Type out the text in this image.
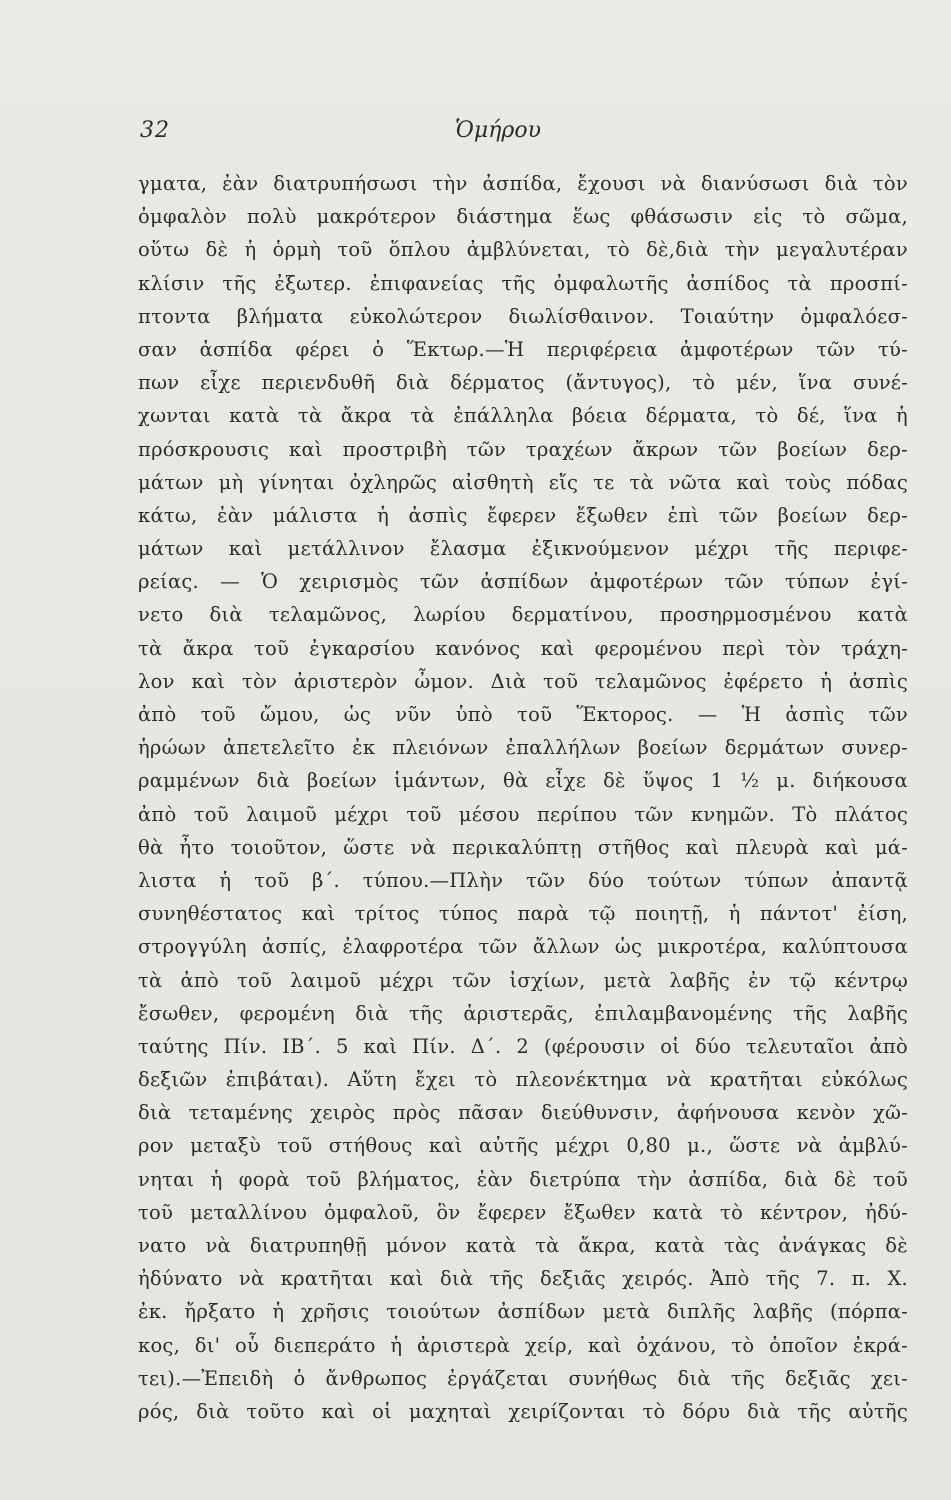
32	Ὁμήρου
γματα, ἐὰν διατρυπήσωσι τὴν ἀσπίδα, ἔχουσι νὰ διανύσωσι διὰ τὸν
ὀμφαλὸν πολὺ μακρότερον διάστημα ἕως φθάσωσιν εἰς τὸ σῶμα,
οὕτω δὲ ἡ ὁρμὴ τοῦ ὅπλου ἀμβλύνεται, τὸ δὲ,διὰ τὴν μεγαλυτέραν
κλίσιν τῆς ἐξωτερ. ἐπιφανείας τῆς ὀμφαλωτῆς ἀσπίδος τὰ προσπί-
πτοντα βλήματα εὐκολώτερον διωλίσθαινον. Τοιαύτην ὀμφαλόεσ-
σαν ἀσπίδα φέρει ὁ Ἕκτωρ.—Ἡ περιφέρεια ἀμφοτέρων τῶν τύ-
πων εἶχε περιενδυθῆ διὰ δέρματος (ἄντυγος), τὸ μέν, ἵνα συνέ-
χωνται κατὰ τὰ ἄκρα τὰ ἐπάλληλα βόεια δέρματα, τὸ δέ, ἵνα ἡ
πρόσκρουσις καὶ προστριβὴ τῶν τραχέων ἄκρων τῶν βοείων δερ-
μάτων μὴ γίνηται ὀχληρῶς αἰσθητὴ εἴς τε τὰ νῶτα καὶ τοὺς πόδας
κάτω, ἐὰν μάλιστα ἡ ἀσπὶς ἔφερεν ἔξωθεν ἐπὶ τῶν βοείων δερ-
μάτων καὶ μετάλλινον ἔλασμα ἐξικνούμενον μέχρι τῆς περιφε-
ρείας. — Ὁ χειρισμὸς τῶν ἀσπίδων ἀμφοτέρων τῶν τύπων ἐγί-
νετο διὰ τελαμῶνος, λωρίου δερματίνου, προσηρμοσμένου κατὰ
τὰ ἄκρα τοῦ ἐγκαρσίου κανόνος καὶ φερομένου περὶ τὸν τράχη-
λον καὶ τὸν ἀριστερὸν ὦμον. Διὰ τοῦ τελαμῶνος ἐφέρετο ἡ ἀσπὶς
ἀπὸ τοῦ ὤμου, ὡς νῦν ὑπὸ τοῦ Ἕκτορος. — Ἡ ἀσπὶς τῶν
ἡρώων ἀπετελεῖτο ἐκ πλειόνων ἐπαλλήλων βοείων δερμάτων συνερ-
ραμμένων διὰ βοείων ἱμάντων, θὰ εἶχε δὲ ὕψος 1 ½ μ. διήκουσα
ἀπὸ τοῦ λαιμοῦ μέχρι τοῦ μέσου περίπου τῶν κνημῶν. Τὸ πλάτος
θὰ ἦτο τοιοῦτον, ὥστε νὰ περικαλύπτῃ στῆθος καὶ πλευρὰ καὶ μά-
λιστα ἡ τοῦ β΄. τύπου.—Πλὴν τῶν δύο τούτων τύπων ἀπαντᾷ
συνηθέστατος καὶ τρίτος τύπος παρὰ τῷ ποιητῇ, ἡ πάντοτ' ἐίση,
στρογγύλη ἀσπίς, ἐλαφροτέρα τῶν ἄλλων ὡς μικροτέρα, καλύπτουσα
τὰ ἀπὸ τοῦ λαιμοῦ μέχρι τῶν ἰσχίων, μετὰ λαβῆς ἐν τῷ κέντρῳ
ἔσωθεν, φερομένη διὰ τῆς ἀριστερᾶς, ἐπιλαμβανομένης τῆς λαβῆς
ταύτης Πίν. ΙΒ΄. 5 καὶ Πίν. Δ΄. 2 (φέρουσιν οἱ δύο τελευταῖοι ἀπὸ
δεξιῶν ἐπιβάται). Αὕτη ἔχει τὸ πλεονέκτημα νὰ κρατῆται εὐκόλως
διὰ τεταμένης χειρὸς πρὸς πᾶσαν διεύθυνσιν, ἀφήνουσα κενὸν χῶ-
ρον μεταξὺ τοῦ στήθους καὶ αὐτῆς μέχρι 0,80 μ., ὥστε νὰ ἀμβλύ-
νηται ἡ φορὰ τοῦ βλήματος, ἐὰν διετρύπα τὴν ἀσπίδα, διὰ δὲ τοῦ
τοῦ μεταλλίνου ὀμφαλοῦ, ὃν ἔφερεν ἔξωθεν κατὰ τὸ κέντρον, ἠδύ-
νατο νὰ διατρυπηθῇ μόνον κατὰ τὰ ἄκρα, κατὰ τὰς ἀνάγκας δὲ
ἠδύνατο νὰ κρατῆται καὶ διὰ τῆς δεξιᾶς χειρός. Ἀπὸ τῆς 7. π. Χ.
ἐκ. ἤρξατο ἡ χρῆσις τοιούτων ἀσπίδων μετὰ διπλῆς λαβῆς (πόρπα-
κος, δι' οὗ διεπεράτο ἡ ἀριστερὰ χείρ, καὶ ὀχάνου, τὸ ὁποῖον ἐκρά-
τει).—Ἐπειδὴ ὁ ἄνθρωπος ἐργάζεται συνήθως διὰ τῆς δεξιᾶς χει-
ρός, διὰ τοῦτο καὶ οἱ μαχηταὶ χειρίζονται τὸ δόρυ διὰ τῆς αὐτῆς
